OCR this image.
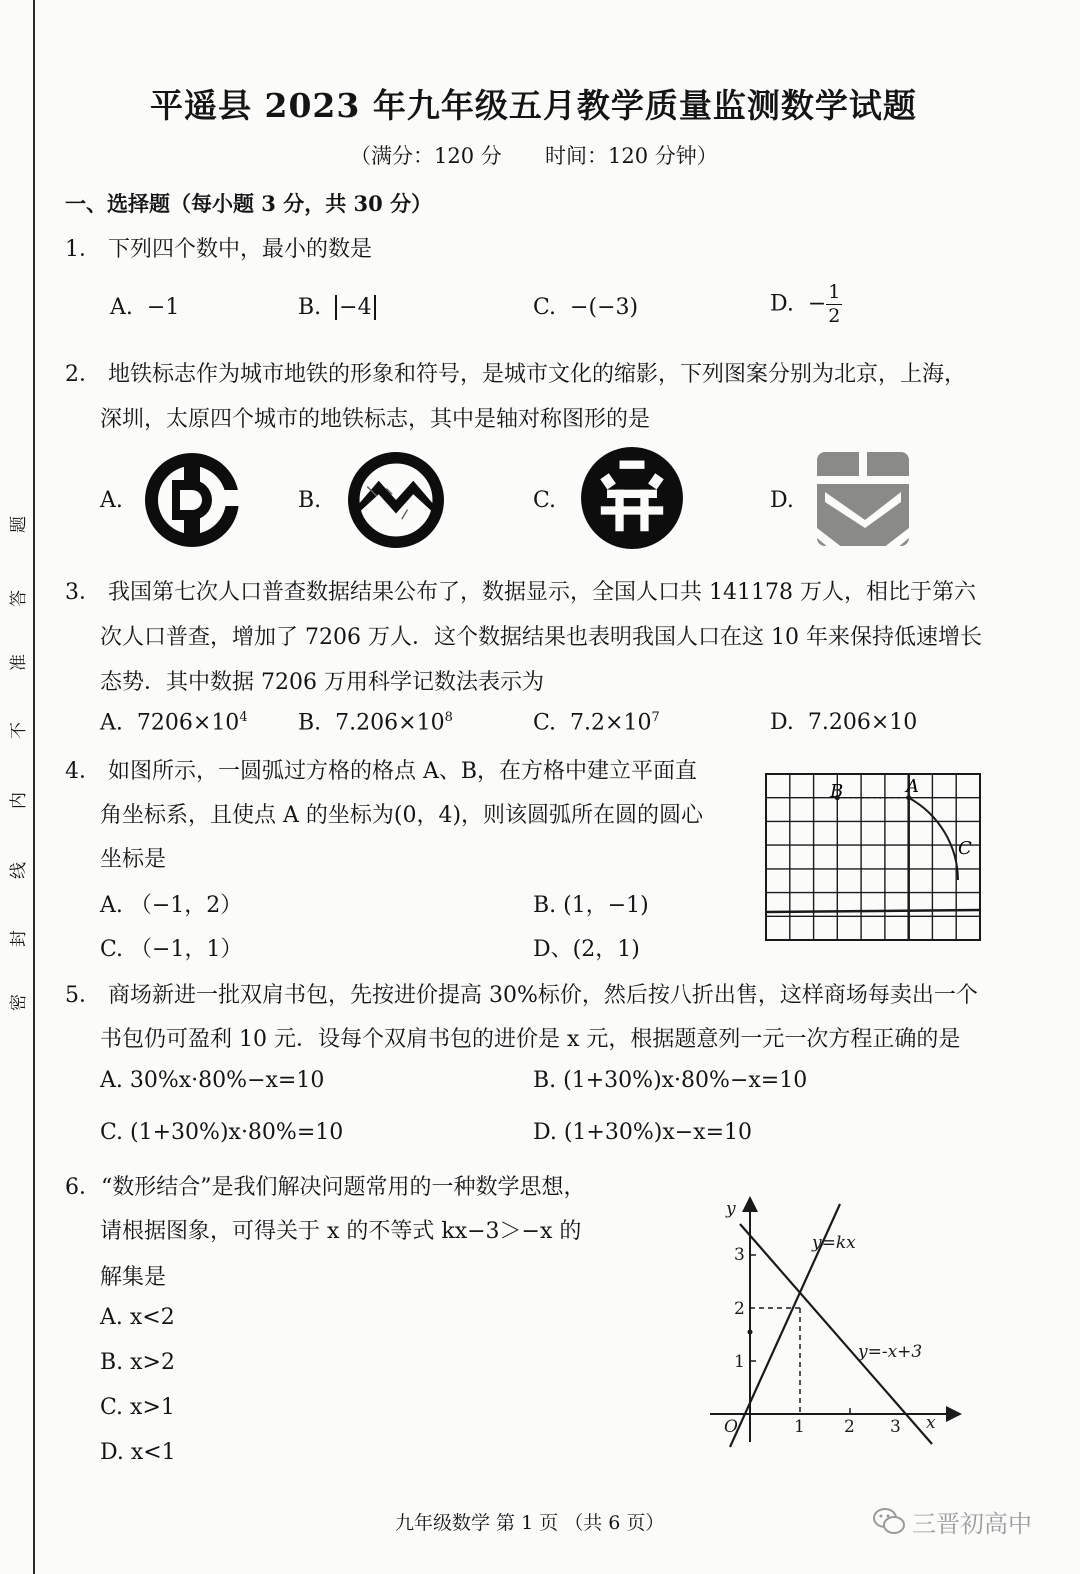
题
答
准
不
内
线
封
密
平遥县 2023 年九年级五月教学质量监测数学试题
（满分：120 分 时间：120 分钟）
一、选择题（每小题 3 分，共 30 分）
1． 下列四个数中，最小的数是
A. −1	B. −4	C. −(−3)	D. − $\frac{1}{2}$
2． 地铁标志作为城市地铁的形象和符号，是城市文化的缩影，下列图案分别为北京，上海，
深圳，太原四个城市的地铁标志，其中是轴对称图形的是
A.	B.	C.	D.
3． 我国第七次人口普查数据结果公布了，数据显示，全国人口共 141178 万人，相比于第六
次人口普查，增加了 7206 万人．这个数据结果也表明我国人口在这 10 年来保持低速增长
态势．其中数据 7206 万用科学记数法表示为
A. $7206\times 10^4$ B. $7.206\times 10^8$	C. $7.2\times 10^7$	D. 7.206×10
4． 如图所示，一圆弧过方格的格点 A、B，在方格中建立平面直
角坐标系，且使点 A 的坐标为(0，4)，则该圆弧所在圆的圆心
坐标是
A. （−1，2）	B. (1，−1)
C. （−1，1）	D、(2，1)
B	A
C
5． 商场新进一批双肩书包，先按进价提高 30%标价，然后按八折出售，这样商场每卖出一个
书包仍可盈利 10 元．设每个双肩书包的进价是 x 元，根据题意列一元一次方程正确的是
A. 30%x·80%−x=10	B. (1+30%)x·80%−x=10
C. (1+30%)x·80%=10	D. (1+30%)x−x=10
6．“数形结合”是我们解决问题常用的一种数学思想，
请根据图象，可得关于 x 的不等式 kx−3＞−x 的
解集是
A. x<2
B. x>2
C. x>1
D. x<1
y
x
O
3
2
1
1 2 3
y=kx
y=-x+3
九年级数学 第 1 页 （共 6 页）	三晋初高中
